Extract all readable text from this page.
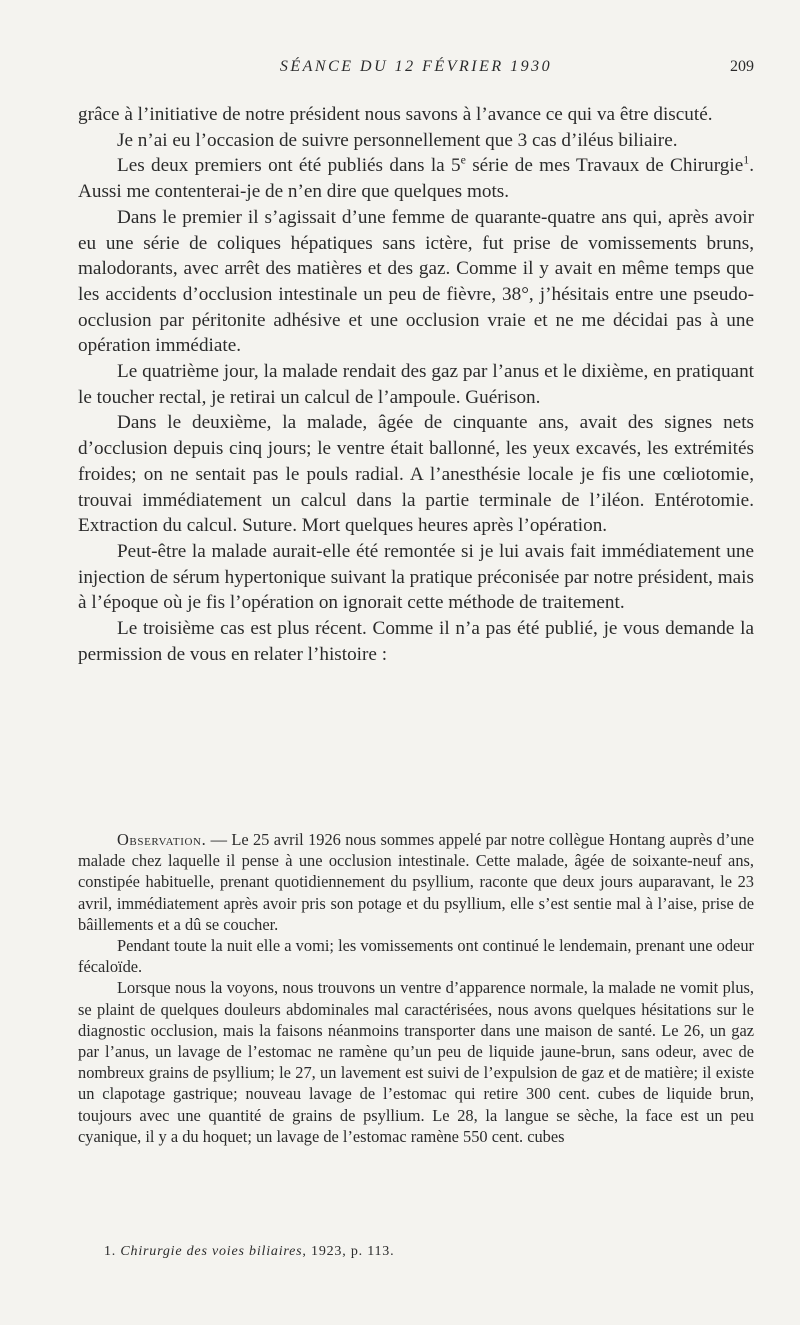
SÉANCE DU 12 FÉVRIER 1930	209

grâce à l’initiative de notre président nous savons à l’avance ce qui va être discuté.

Je n’ai eu l’occasion de suivre personnellement que 3 cas d’iléus biliaire.

Les deux premiers ont été publiés dans la 5e série de mes Travaux de Chirurgie$^1$. Aussi me contenterai-je de n’en dire que quelques mots.

Dans le premier il s’agissait d’une femme de quarante-quatre ans qui, après avoir eu une série de coliques hépatiques sans ictère, fut prise de vomissements bruns, malodorants, avec arrêt des matières et des gaz. Comme il y avait en même temps que les accidents d’occlusion intestinale un peu de fièvre, 38°, j’hésitais entre une pseudo-occlusion par péritonite adhésive et une occlusion vraie et ne me décidai pas à une opération immédiate.

Le quatrième jour, la malade rendait des gaz par l’anus et le dixième, en pratiquant le toucher rectal, je retirai un calcul de l’ampoule. Guérison.

Dans le deuxième, la malade, âgée de cinquante ans, avait des signes nets d’occlusion depuis cinq jours; le ventre était ballonné, les yeux excavés, les extrémités froides; on ne sentait pas le pouls radial. A l’anesthésie locale je fis une cœliotomie, trouvai immédiatement un calcul dans la partie terminale de l’iléon. Entérotomie. Extraction du calcul. Suture. Mort quelques heures après l’opération.

Peut-être la malade aurait-elle été remontée si je lui avais fait immédiatement une injection de sérum hypertonique suivant la pratique préconisée par notre président, mais à l’époque où je fis l’opération on ignorait cette méthode de traitement.

Le troisième cas est plus récent. Comme il n’a pas été publié, je vous demande la permission de vous en relater l’histoire :

Observation. — Le 25 avril 1926 nous sommes appelé par notre collègue Hontang auprès d’une malade chez laquelle il pense à une occlusion intestinale. Cette malade, âgée de soixante-neuf ans, constipée habituelle, prenant quotidiennement du psyllium, raconte que deux jours auparavant, le 23 avril, immédiatement après avoir pris son potage et du psyllium, elle s’est sentie mal à l’aise, prise de bâillements et a dû se coucher.

Pendant toute la nuit elle a vomi; les vomissements ont continué le lendemain, prenant une odeur fécaloïde.

Lorsque nous la voyons, nous trouvons un ventre d’apparence normale, la malade ne vomit plus, se plaint de quelques douleurs abdominales mal caractérisées, nous avons quelques hésitations sur le diagnostic occlusion, mais la faisons néanmoins transporter dans une maison de santé. Le 26, un gaz par l’anus, un lavage de l’estomac ne ramène qu’un peu de liquide jaune-brun, sans odeur, avec de nombreux grains de psyllium; le 27, un lavement est suivi de l’expulsion de gaz et de matière; il existe un clapotage gastrique; nouveau lavage de l’estomac qui retire 300 cent. cubes de liquide brun, toujours avec une quantité de grains de psyllium. Le 28, la langue se sèche, la face est un peu cyanique, il y a du hoquet; un lavage de l’estomac ramène 550 cent. cubes

1. Chirurgie des voies biliaires, 1923, p. 113.
